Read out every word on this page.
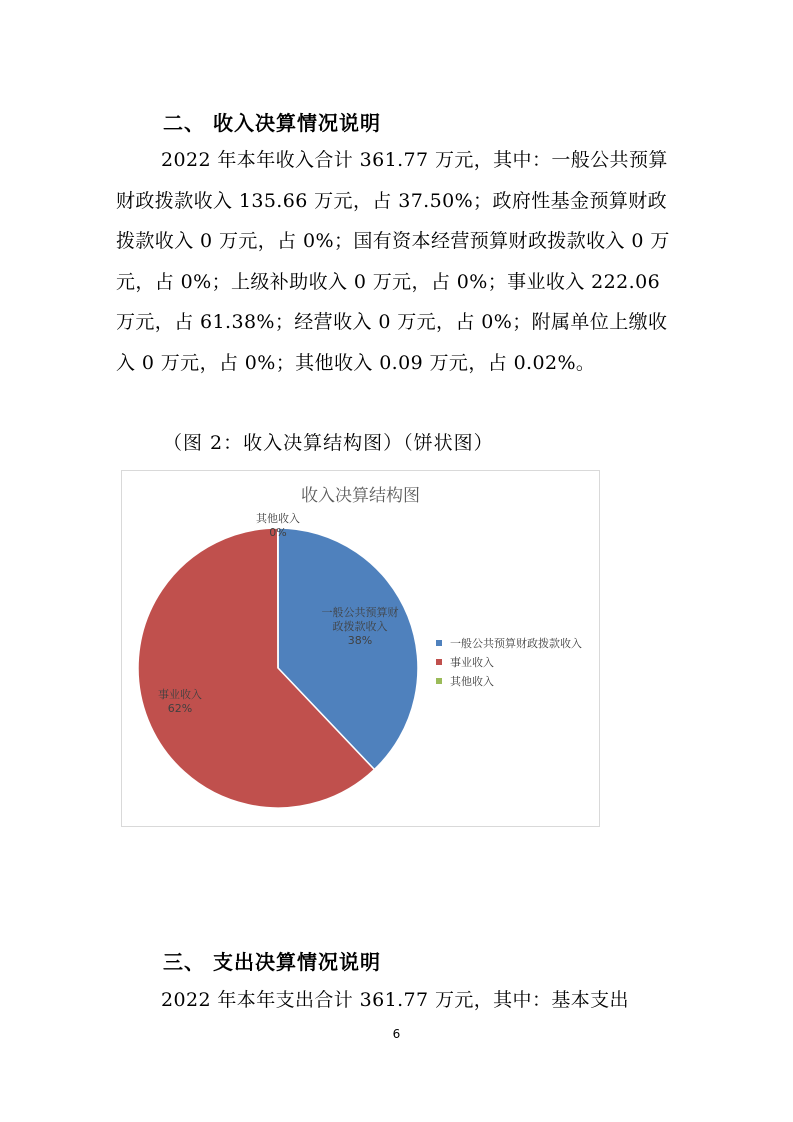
二、 收入决算情况说明
2022 年本年收入合计 361.77 万元，其中：一般公共预算财政拨款收入 135.66 万元，占 37.50%；政府性基金预算财政拨款收入 0 万元，占 0%；国有资本经营预算财政拨款收入 0 万元，占 0%；上级补助收入 0 万元，占 0%；事业收入 222.06 万元，占 61.38%；经营收入 0 万元，占 0%；附属单位上缴收入 0 万元，占 0%；其他收入 0.09 万元，占 0.02%。
（图 2：收入决算结构图）（饼状图）
收入决算结构图
一般公共预算财政拨款收入 38%
事业收入 62%
其他收入 0%
一般公共预算财政拨款收入
事业收入
其他收入
三、 支出决算情况说明
2022 年本年支出合计 361.77 万元，其中：基本支出
6
